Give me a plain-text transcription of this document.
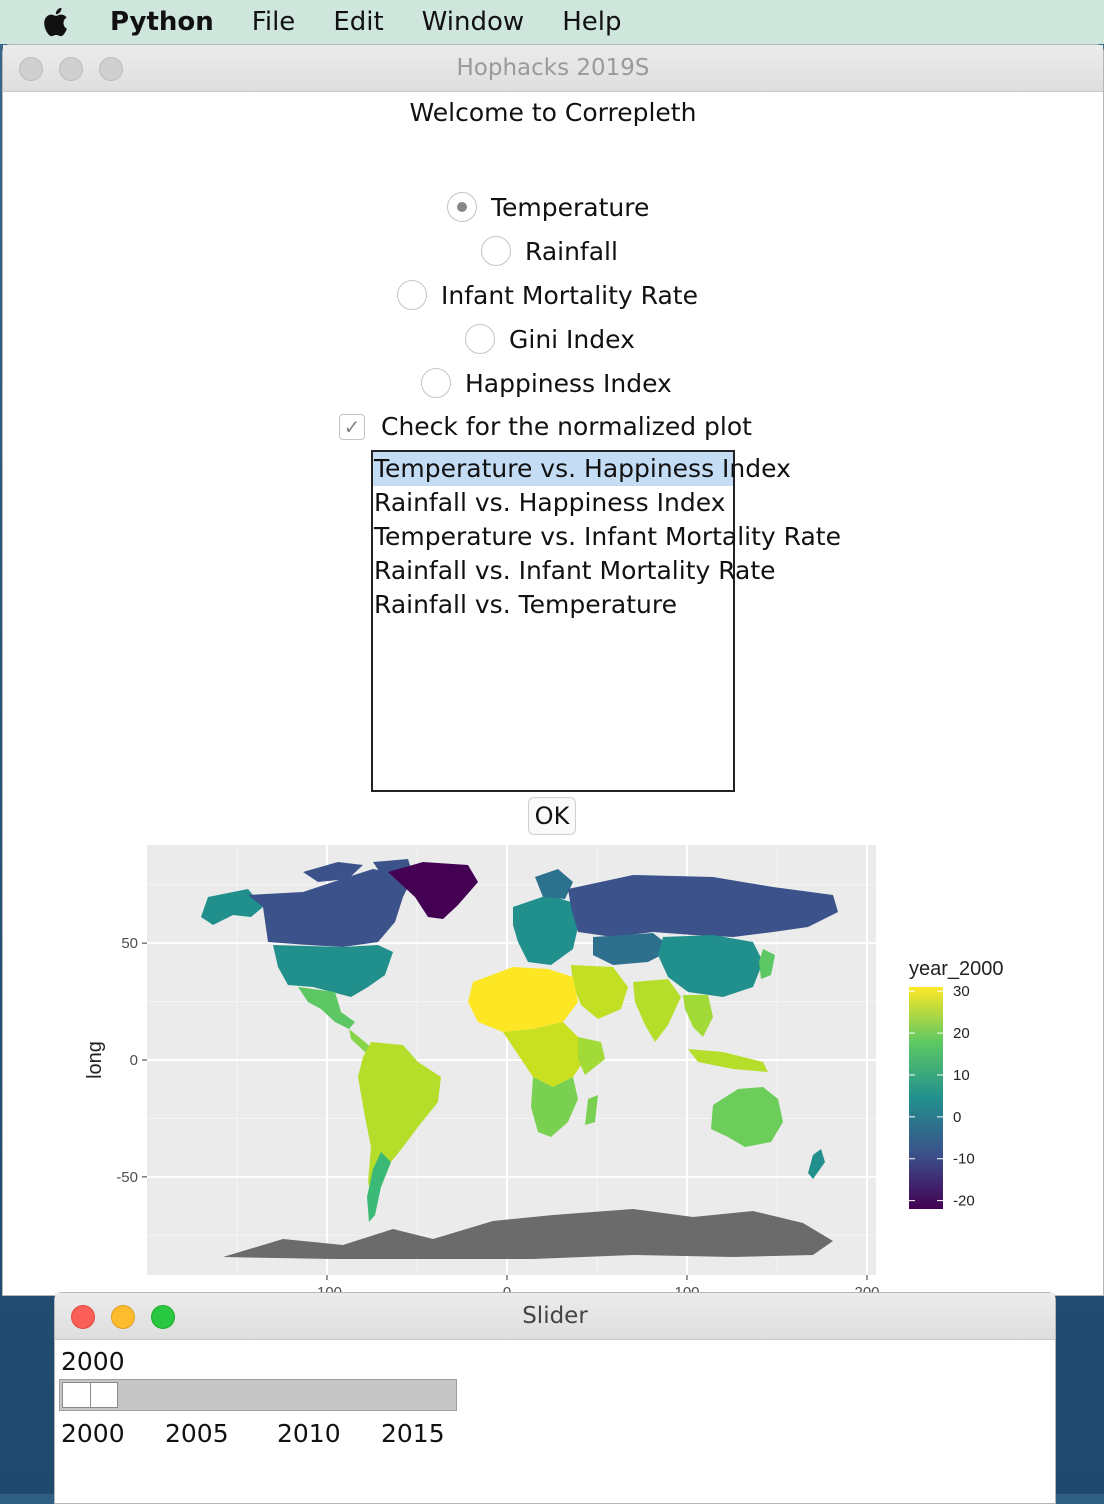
Python File Edit Window Help
Hophacks 2019S
Welcome to Correpleth
Temperature
Rainfall
Infant Mortality Rate
Gini Index
Happiness Index
✓ Check for the normalized plot
Temperature vs. Happiness Index
Rainfall vs. Happiness Index
Temperature vs. Infant Mortality Rate
Rainfall vs. Infant Mortality Rate
Rainfall vs. Temperature
OK
50
0
-50
long
year_2000
30
20
10
0
-10
-20
Slider
2000
2000 2005 2010 2015
